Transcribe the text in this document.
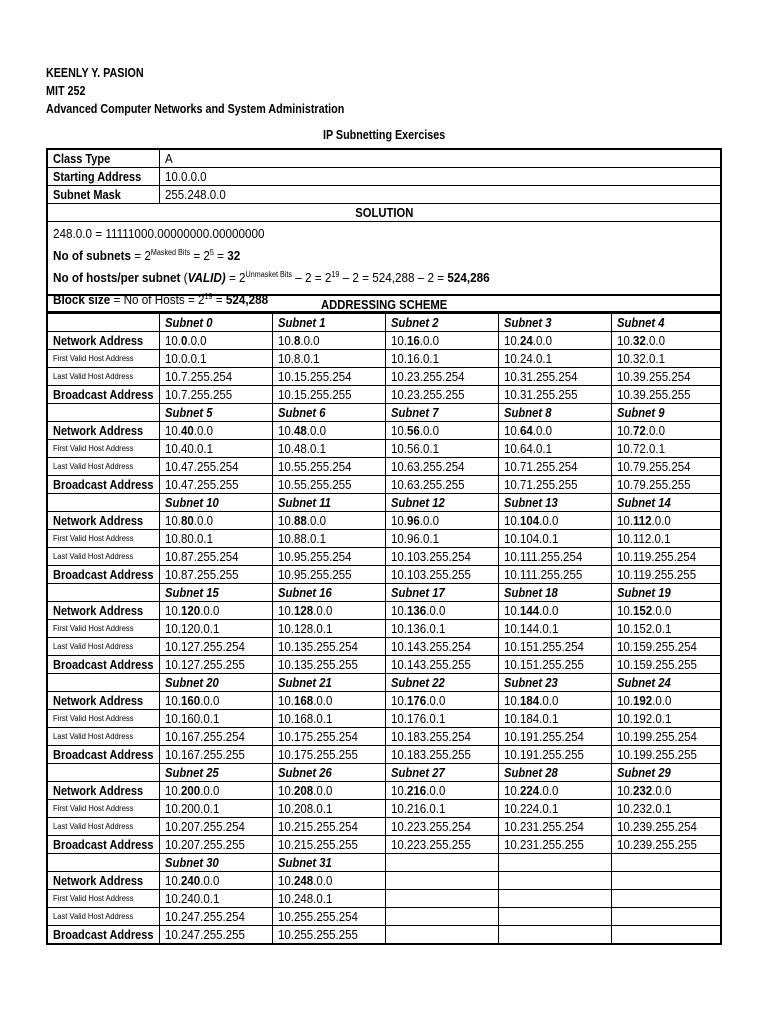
KEENLY Y. PASION
MIT 252
Advanced Computer Networks and System Administration
IP Subnetting Exercises
Class Type	A
Starting Address	10.0.0.0
Subnet Mask	255.248.0.0
SOLUTION	

248.0.0 = 11111000.00000000.00000000
No of subnets = $2^{Masked Bits} = 2^5 = 32$
No of hosts/per subnet (VALID) = $2^{Unmasket Bits} - 2 = 2^{19} - 2 = 524,288 - 2 = 524,286$
Block size = No of Hosts = $2^{19} = 524,288$		ADDRESSING SCHEME					
	Subnet 0	Subnet 1	Subnet 2	Subnet 3	Subnet 4
Network Address	10.0.0.0	10.8.0.0	10.16.0.0	10.24.0.0	10.32.0.0
First Valid Host Address	10.0.0.1	10.8.0.1	10.16.0.1	10.24.0.1	10.32.0.1
Last Valid Host Address	10.7.255.254	10.15.255.254	10.23.255.254	10.31.255.254	10.39.255.254
Broadcast Address	10.7.255.255	10.15.255.255	10.23.255.255	10.31.255.255	10.39.255.255
	Subnet 5	Subnet 6	Subnet 7	Subnet 8	Subnet 9
Network Address	10.40.0.0	10.48.0.0	10.56.0.0	10.64.0.0	10.72.0.0
First Valid Host Address	10.40.0.1	10.48.0.1	10.56.0.1	10.64.0.1	10.72.0.1
Last Valid Host Address	10.47.255.254	10.55.255.254	10.63.255.254	10.71.255.254	10.79.255.254
Broadcast Address	10.47.255.255	10.55.255.255	10.63.255.255	10.71.255.255	10.79.255.255
	Subnet 10	Subnet 11	Subnet 12	Subnet 13	Subnet 14
Network Address	10.80.0.0	10.88.0.0	10.96.0.0	10.104.0.0	10.112.0.0
First Valid Host Address	10.80.0.1	10.88.0.1	10.96.0.1	10.104.0.1	10.112.0.1
Last Valid Host Address	10.87.255.254	10.95.255.254	10.103.255.254	10.111.255.254	10.119.255.254
Broadcast Address	10.87.255.255	10.95.255.255	10.103.255.255	10.111.255.255	10.119.255.255
	Subnet 15	Subnet 16	Subnet 17	Subnet 18	Subnet 19
Network Address	10.120.0.0	10.128.0.0	10.136.0.0	10.144.0.0	10.152.0.0
First Valid Host Address	10.120.0.1	10.128.0.1	10.136.0.1	10.144.0.1	10.152.0.1
Last Valid Host Address	10.127.255.254	10.135.255.254	10.143.255.254	10.151.255.254	10.159.255.254
Broadcast Address	10.127.255.255	10.135.255.255	10.143.255.255	10.151.255.255	10.159.255.255
	Subnet 20	Subnet 21	Subnet 22	Subnet 23	Subnet 24
Network Address	10.160.0.0	10.168.0.0	10.176.0.0	10.184.0.0	10.192.0.0
First Valid Host Address	10.160.0.1	10.168.0.1	10.176.0.1	10.184.0.1	10.192.0.1
Last Valid Host Address	10.167.255.254	10.175.255.254	10.183.255.254	10.191.255.254	10.199.255.254
Broadcast Address	10.167.255.255	10.175.255.255	10.183.255.255	10.191.255.255	10.199.255.255
	Subnet 25	Subnet 26	Subnet 27	Subnet 28	Subnet 29
Network Address	10.200.0.0	10.208.0.0	10.216.0.0	10.224.0.0	10.232.0.0
First Valid Host Address	10.200.0.1	10.208.0.1	10.216.0.1	10.224.0.1	10.232.0.1
Last Valid Host Address	10.207.255.254	10.215.255.254	10.223.255.254	10.231.255.254	10.239.255.254
Broadcast Address	10.207.255.255	10.215.255.255	10.223.255.255	10.231.255.255	10.239.255.255
	Subnet 30	Subnet 31			
Network Address	10.240.0.0	10.248.0.0			
First Valid Host Address	10.240.0.1	10.248.0.1			
Last Valid Host Address	10.247.255.254	10.255.255.254			
Broadcast Address	10.247.255.255	10.255.255.255			
